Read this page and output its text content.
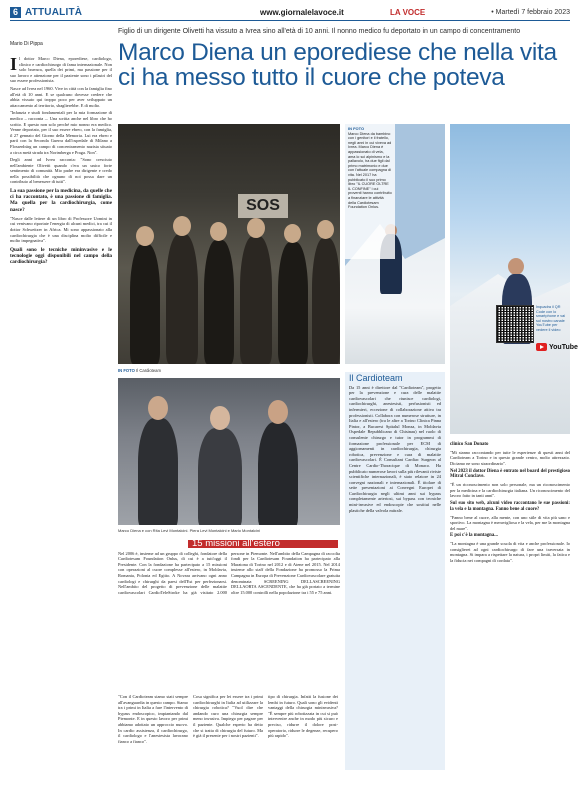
6 ATTUALITÀ	www.giornalelavoce.it	LA VOCE	• Martedì 7 febbraio 2023
Mario Di Pippa

Il dottor Marco Diena, eporediese, cardiologo, clinico e cardiochirurgo di fama internazionale. Non solo bravura, quella dei primi, ma passione per il suo lavoro e attenzione per il paziente sono i pilastri del suo essere professionista.

Nasce ad Ivrea nel 1960. Vive in città con la famiglia fino all'età di 10 anni. E se qualcuno dovesse credere che abbia vissuto qui troppo poco per aver sviluppato un attaccamento al territorio, sbaglierebbe. E di molto.

"Infanzia e studi fondamentali per la mia formazione di medico – racconta –. Una scritta anche nel libro che ho scritto. E questo non solo perché mio nonno era medico. Venne deportato, per il suo essere ebreo, con la famiglia, il 27 gennaio del Giorno della Memoria. Lui era ebreo e partì con la Seconda Guerra dall'ospedale di Milano a Flossenbürg un campo di concentramento nazista situato a circa metà strada tra Norimberga e Praga. Non".

Degli anni ad Ivrea racconta: "Sono cresciuto nell'ambiente Olivetti quando c'era un unico forte sentimento di comunità. Mio padre era dirigente e credo nella possibilità che ognuno di noi possa dare un contributo al benessere di tutti".

La sua passione per la medicina, da quelle che ci ha raccontato, è una passione di famiglia. Ma quella per la cardiochirurgia, come nasce?

"Nasce dalle lettere di un libro di Professore Uomini in cui venivano riportate l'energia di alcuni medici, tra cui il dottor Schweitzer in Africa. Mi sono appassionato alla cardiochirurgia che è una disciplina molto difficile e molto impegnativa".

Quali sono le tecniche mininvasive e le tecnologie oggi disponibili nel campo della cardiochirurgia?
Figlio di un dirigente Olivetti ha vissuto a Ivrea sino all'età di 10 anni. Il nonno medico fu deportato in un campo di concentramento
Marco Diena un eporediese che nella vita ci ha messo tutto il cuore che poteva
SOS
IN FOTO
Marco Diena da bambino con i genitori e il fratello, negli anni in cui viveva ad Ivrea. Marco Diena è appassionato di vela, ama lo sci alpinismo e la pallavolo, ha due figli dal primo matrimonio e due con l'attuale compagna di vita. Nel 2017 ha pubblicato il suo primo libro "IL CUORE OLTRE IL CONFINE" i cui proventi hanno contribuito a finanziare le attività della Cardiotesam Foundation Onlus.
Inquadra il QR Code con lo smartphone e vai sul nostro canale YouTube per vedere il video
YouTube
IN FOTO Il Cardioteam
Marco Diena e con Rita Levi Montalcini. Piera Levi Montalcini e Mario Montalcini
Il Cardioteam

Da 15 anni è direttore dal "Cardioteam", progetto per la prevenzione e cura delle malattie cardiovascolari che riunisce cardiologi, cardiochirurghi, anestesisti, perfusionisti ed infermieri, eccezione di collaborazione attiva tra professionisti. Collabora con numerose strutture, in Italia e all'estero (tra le altre a Torino Clinica Pinna Pintor, a Bucarest Spitalul Monza, in Moldavia Ospedale Repubblicano di Chisinau) nel ruolo di consulente chirurgo e tutor in programmi di formazione professionale per ECM di aggiornamenti in cardiochirurgia, chirurgia robotica, prevenzione e cura di malattie cardiovascolari. È Consultant Cardiac Surgeon al Centre Cardio-Thoracique di Monaco. Ha pubblicato numerose lavori sulla più rilevanti riviste scientifiche internazionali, è stato relatore in 24 convegni nazionali e internazionali. È titolare di sette presentazioni ai Convegni Europei di Cardiochirurgia negli ultimi anni sui bypass completamente arteriosi, sui bypass con tecniche mini-invasive ed endoscopie che sostituì nelle plastiche della valvola mitrale.

15 missioni all'estero
Nel 2006 è, insieme ad un gruppo di colleghi, fondatore della Cardiotesam Foundation Onlus, di cui è a tutt'oggi il Presidente. Con la fondazione ha partecipato a 15 missioni con operazioni al cuore complesse all'estero, in Moldavia, Romania, Polonia ed Egitto. A Novara arrivano ogni anno cardiologi e chirurghi da paesi dell'Est per perfezionarsi. Nell'ambito del progetto di prevenzione delle malattie cardiovascolari CardioTeleStroke ha già visitato 2.000 persone in Piemonte. Nell'ambito della Campagna di raccolta fondi per la Cardiotesam Foundation ha partecipato alla Maratona di Torino nel 2012 e di Atene nel 2015. Nel 2014 insieme allo staff della Fondazione ha promosso la Prima Campagna in Europa di Prevenzione Cardiovascolare gratuita denominata SCREENING DELLASCREENING DELLAORTA ASCENDENTE, che ha già portato a termine oltre 15.000 controlli nella popolazione tra i 55 e 75 anni.

"Con il Cardioteam siamo stati sempre all'avanguardia in questo campo. Siamo tra i primi in Italia a fare l'intervento di bypass endoscopico, impiantando dal Piemonte. E in questo lavoro per primi abbiamo adottato un approccio nuovo. In cardio assistenza, il cardiochirurgo, il cardiologo e l'anestesista lavorano fianco a fianco".

Cosa significa per lei essere tra i primi cardiochirurghi in Italia ad utilizzare la chirurgia robotica? "Vuol dire che andando curo una chirurgia sempre meno invasiva. Impiego per pagare per il paziente. Qualche esperto ha detto che si tratta di chirurgia del futuro. Ma è già il presente per i nostri pazienti".

tipo di chirurgia. Infatti la fusione dei lembi in futuro. Quali sono gli evidenti vantaggi della chirurgia mininvasiva? "È sempre più robotizzata in cui si può intervenire anche in modo più sicuro e preciso, ridurre il dolore post-operatorio, ridurre le degenze, recupero più rapido".

clinico San Donato

"Mi stanno raccontando per tutte le esperienze di questi anni del Cardioteam a Torino e in questo grande centro, molto attrezzato. Diciamo ne sono straordinario".

Nel 2023 il dottor Diena è entrato nel board del prestigioso Mitral Conclave.

"È un riconoscimento non solo personale, ma un riconoscimento per la medicina e la cardiochirurgia italiana. Un riconoscimento del lavoro fatto in tanti anni".

Sul suo sito web, alcuni video raccontano le sue passioni: la vela e la montagna. Fanno bene al cuore?

"Fanno bene al cuore, alla mente, con uno stile di vita più sano e sportivo. La montagna è meravigliosa e la vela, per me la montagna del mare".

E poi c'è la montagna...

"La montagna è una grande scuola di vita e anche professionale. Io consiglierei ad ogni cardiochirurgo di fare una traversata in montagna. Si impara a rispettare la natura, i propri limiti, la fatica e la fiducia nei compagni di cordata".
